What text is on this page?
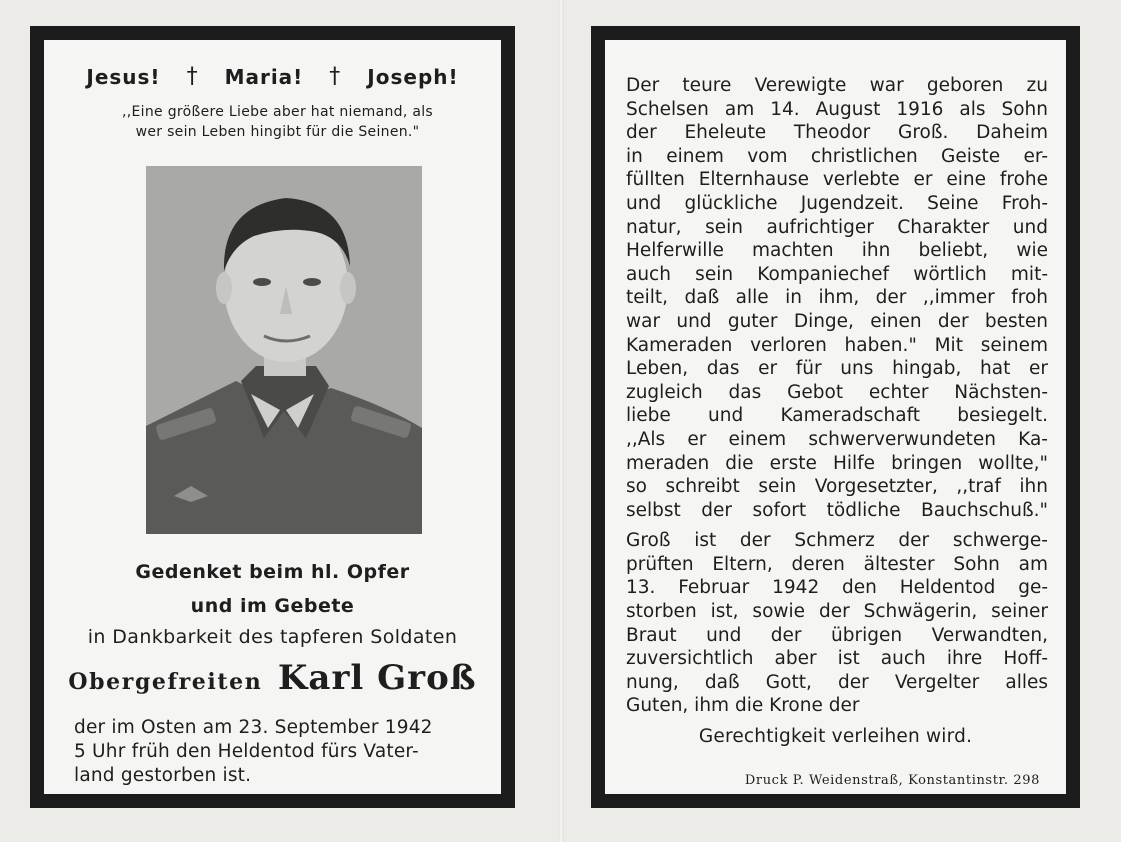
Jesus! † Maria! † Joseph!
,,Eine größere Liebe aber hat niemand, als
wer sein Leben hingibt für die Seinen."
Gedenket beim hl. Opfer
und im Gebete
in Dankbarkeit des tapferen Soldaten
Obergefreiten Karl Groß
der im Osten am 23. September 1942
5 Uhr früh den Heldentod fürs Vater-
land gestorben ist.
Der teure Verewigte war geboren zu
Schelsen am 14. August 1916 als Sohn
der Eheleute Theodor Groß. Daheim
in einem vom christlichen Geiste er-
füllten Elternhause verlebte er eine frohe
und glückliche Jugendzeit. Seine Froh-
natur, sein aufrichtiger Charakter und
Helferwille machten ihn beliebt, wie
auch sein Kompaniechef wörtlich mit-
teilt, daß alle in ihm, der ,,immer froh
war und guter Dinge, einen der besten
Kameraden verloren haben." Mit seinem
Leben, das er für uns hingab, hat er
zugleich das Gebot echter Nächsten-
liebe und Kameradschaft besiegelt.
,,Als er einem schwerverwundeten Ka-
meraden die erste Hilfe bringen wollte,"
so schreibt sein Vorgesetzter, ,,traf ihn
selbst der sofort tödliche Bauchschuß."
Groß ist der Schmerz der schwerge-
prüften Eltern, deren ältester Sohn am
13. Februar 1942 den Heldentod ge-
storben ist, sowie der Schwägerin, seiner
Braut und der übrigen Verwandten,
zuversichtlich aber ist auch ihre Hoff-
nung, daß Gott, der Vergelter alles
Guten, ihm die Krone der
Gerechtigkeit verleihen wird.
Druck P. Weidenstraß, Konstantinstr. 298
